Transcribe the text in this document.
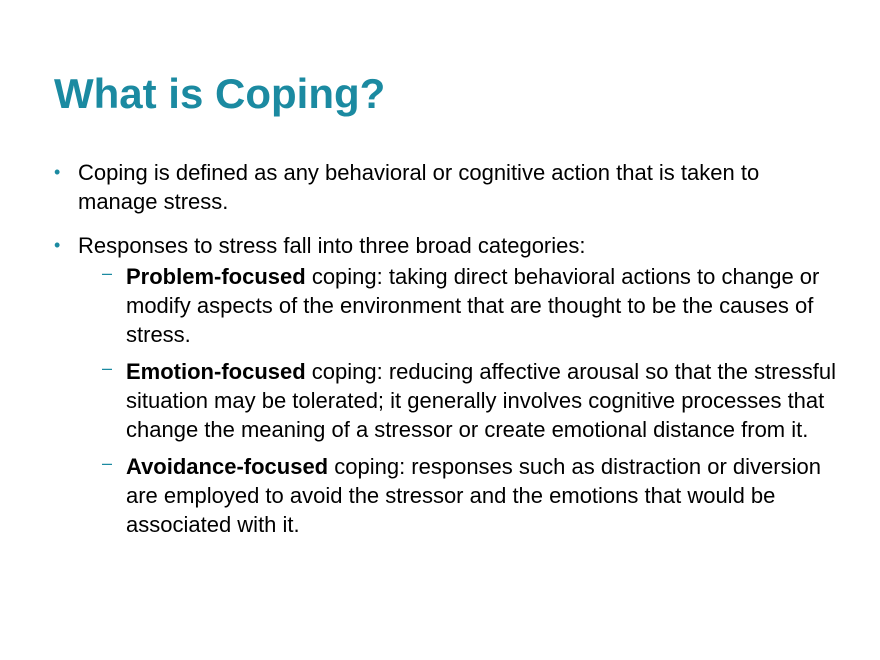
What is Coping?
• Coping is defined as any behavioral or cognitive action that is taken to manage stress.
• Responses to stress fall into three broad categories:
– Problem-focused coping: taking direct behavioral actions to change or modify aspects of the environment that are thought to be the causes of stress.
– Emotion-focused coping: reducing affective arousal so that the stressful situation may be tolerated; it generally involves cognitive processes that change the meaning of a stressor or create emotional distance from it.
– Avoidance-focused coping: responses such as distraction or diversion are employed to avoid the stressor and the emotions that would be associated with it.
